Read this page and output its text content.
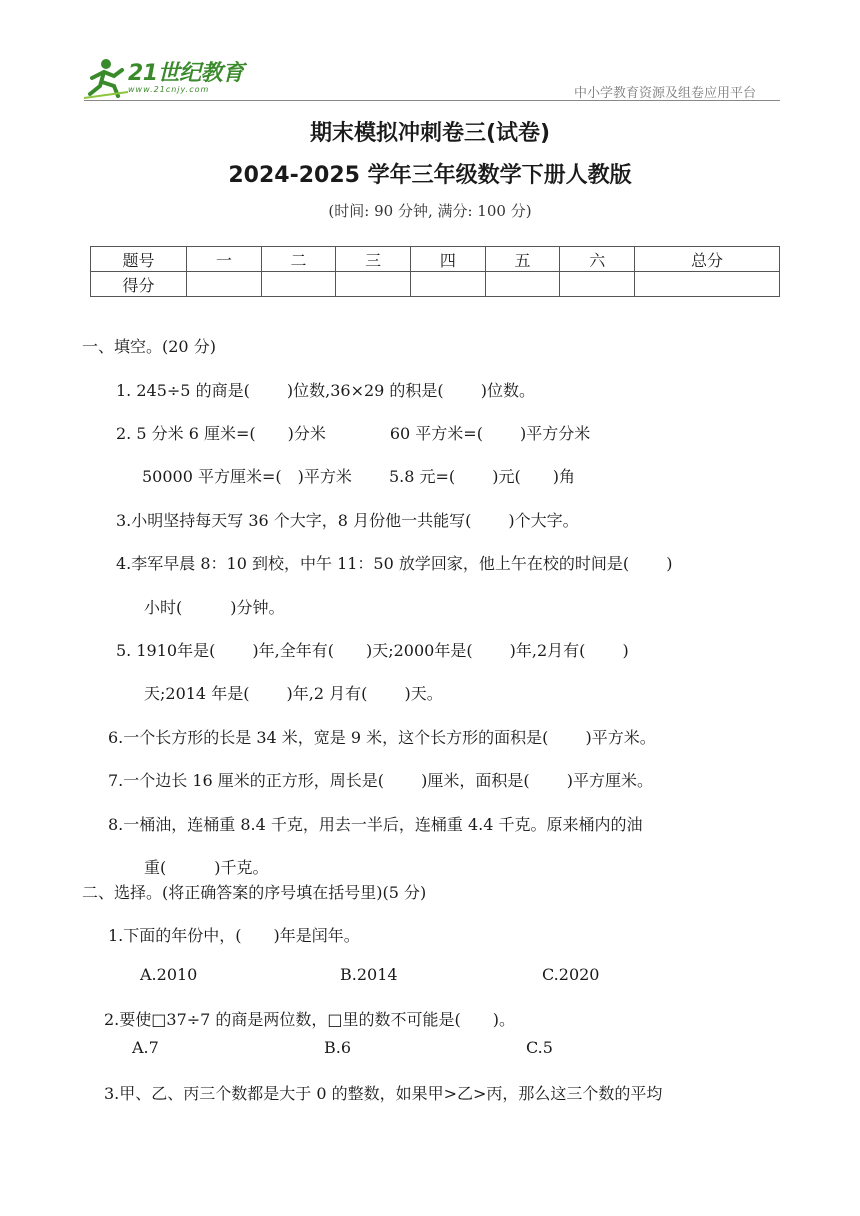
21世纪教育
www.21cnjy.com	中小学教育资源及组卷应用平台
期末模拟冲刺卷三(试卷)
2024-2025 学年三年级数学下册人教版
(时间: 90 分钟, 满分: 100 分)
题号	一	二	三	四	五	六	总分
得分							
一、填空。(20 分)
1. 245÷5 的商是(　　 )位数,36×29 的积是(　　 )位数。
2. 5 分米 6 厘米=(　　)分米　　　　60 平方米=(　　 )平方分米
50000 平方厘米=(　)平方米　　 5.8 元=(　　 )元(　　)角
3.小明坚持每天写 36 个大字，8 月份他一共能写(　　 )个大字。
4.李军早晨 8：10 到校，中午 11：50 放学回家，他上午在校的时间是(　　 )
小时(　　　)分钟。
5. 1910年是(　　 )年,全年有(　　)天;2000年是(　　 )年,2月有(　　 )
天;2014 年是(　　 )年,2 月有(　　 )天。
6.一个长方形的长是 34 米，宽是 9 米，这个长方形的面积是(　　 )平方米。
7.一个边长 16 厘米的正方形，周长是(　　 )厘米，面积是(　　 )平方厘米。
8.一桶油，连桶重 8.4 千克，用去一半后，连桶重 4.4 千克。原来桶内的油
重(　　　)千克。
二、选择。(将正确答案的序号填在括号里)(5 分)
1.下面的年份中，(　　)年是闰年。
A.2010	B.2014	C.2020
2.要使□37÷7 的商是两位数，□里的数不可能是(　　)。
A.7	B.6	C.5
3.甲、乙、丙三个数都是大于 0 的整数，如果甲>乙>丙，那么这三个数的平均
